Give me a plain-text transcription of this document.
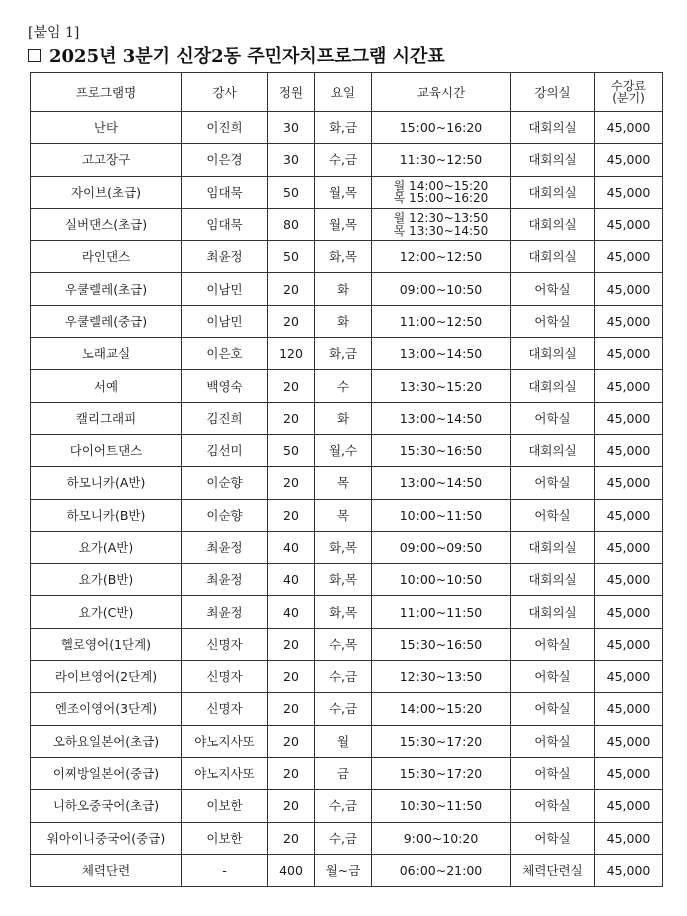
[붙임 1]
2025년 3분기 신장2동 주민자치프로그램 시간표
프로그램명	강사	정원	요일	교육시간	강의실	수강료
(분기)
난타	이진희	30	화,금	15:00~16:20	대회의실	45,000
고고장구	이은경	30	수,금	11:30~12:50	대회의실	45,000
자이브(초급)	임대묵	50	월,목	월 14:00~15:20
목 15:00~16:20	대회의실	45,000
실버댄스(초급)	임대묵	80	월,목	월 12:30~13:50
목 13:30~14:50	대회의실	45,000
라인댄스	최윤정	50	화,목	12:00~12:50	대회의실	45,000
우쿨렐레(초급)	이남민	20	화	09:00~10:50	어학실	45,000
우쿨렐레(중급)	이남민	20	화	11:00~12:50	어학실	45,000
노래교실	이은호	120	화,금	13:00~14:50	대회의실	45,000
서예	백영숙	20	수	13:30~15:20	대회의실	45,000
캘리그래피	김진희	20	화	13:00~14:50	어학실	45,000
다이어트댄스	김선미	50	월,수	15:30~16:50	대회의실	45,000
하모니카(A반)	이순향	20	목	13:00~14:50	어학실	45,000
하모니카(B반)	이순향	20	목	10:00~11:50	어학실	45,000
요가(A반)	최윤정	40	화,목	09:00~09:50	대회의실	45,000
요가(B반)	최윤정	40	화,목	10:00~10:50	대회의실	45,000
요가(C반)	최윤정	40	화,목	11:00~11:50	대회의실	45,000
헬로영어(1단계)	신명자	20	수,목	15:30~16:50	어학실	45,000
라이브영어(2단계)	신명자	20	수,금	12:30~13:50	어학실	45,000
엔조이영어(3단계)	신명자	20	수,금	14:00~15:20	어학실	45,000
오하요일본어(초급)	야노지사또	20	월	15:30~17:20	어학실	45,000
이찌방일본어(중급)	야노지사또	20	금	15:30~17:20	어학실	45,000
니하오중국어(초급)	이보한	20	수,금	10:30~11:50	어학실	45,000
워아이니중국어(중급)	이보한	20	수,금	9:00~10:20	어학실	45,000
체력단련	-	400	월~금	06:00~21:00	체력단련실	45,000
